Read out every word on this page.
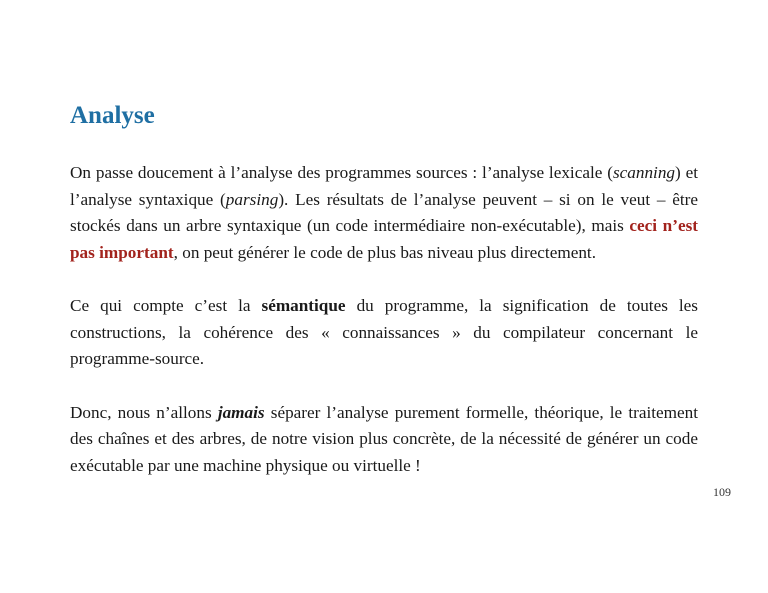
Analyse

On passe doucement à l’analyse des programmes sources : l’analyse lexicale (scanning) et l’analyse syntaxique (parsing). Les résultats de l’analyse peuvent – si on le veut – être stockés dans un arbre syntaxique (un code intermédiaire non-exécutable), mais ceci n’est pas important, on peut générer le code de plus bas niveau plus directement.

Ce qui compte c’est la sémantique du programme, la signification de toutes les constructions, la cohérence des « connaissances » du compilateur concernant le programme-source.

Donc, nous n’allons jamais séparer l’analyse purement formelle, théorique, le traitement des chaînes et des arbres, de notre vision plus concrète, de la nécessité de générer un code exécutable par une machine physique ou virtuelle !

109
